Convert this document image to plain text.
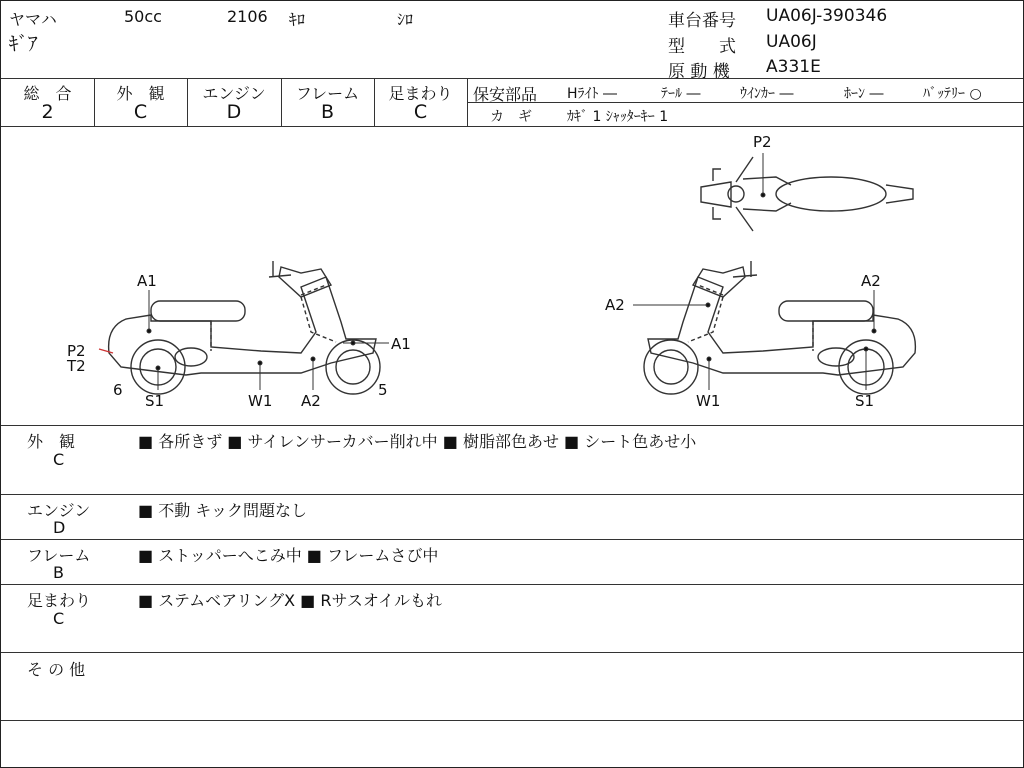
ヤマハ	50cc	2106 ｷﾛ	ｼﾛ
ｷﾞｱ
車台番号 UA06J-390346
型　　式 UA06J
原 動 機 A331E
総　合
2
外　観
C
エンジン
D
フレーム
B
足まわり
C
保安部品 Hﾗｲﾄ ―	ﾃｰﾙ ―	ｳｲﾝｶｰ ―	ﾎｰﾝ ―	ﾊﾞｯﾃﾘｰ ○
カ　ギ	ｶｷﾞ 1 ｼｬｯﾀｰｷｰ 1
A1
P2
T2
6
S1	W1 A2
A1
5
A2
W1
A2
S1
P2
外　観
C
■ 各所きず ■ サイレンサーカバー削れ中 ■ 樹脂部色あせ ■ シート色あせ小
エンジン
D
■ 不動 キック問題なし
フレーム
B
■ ストッパーへこみ中 ■ フレームさび中
足まわり
C
■ ステムベアリングX ■ Rサスオイルもれ
そ の 他
